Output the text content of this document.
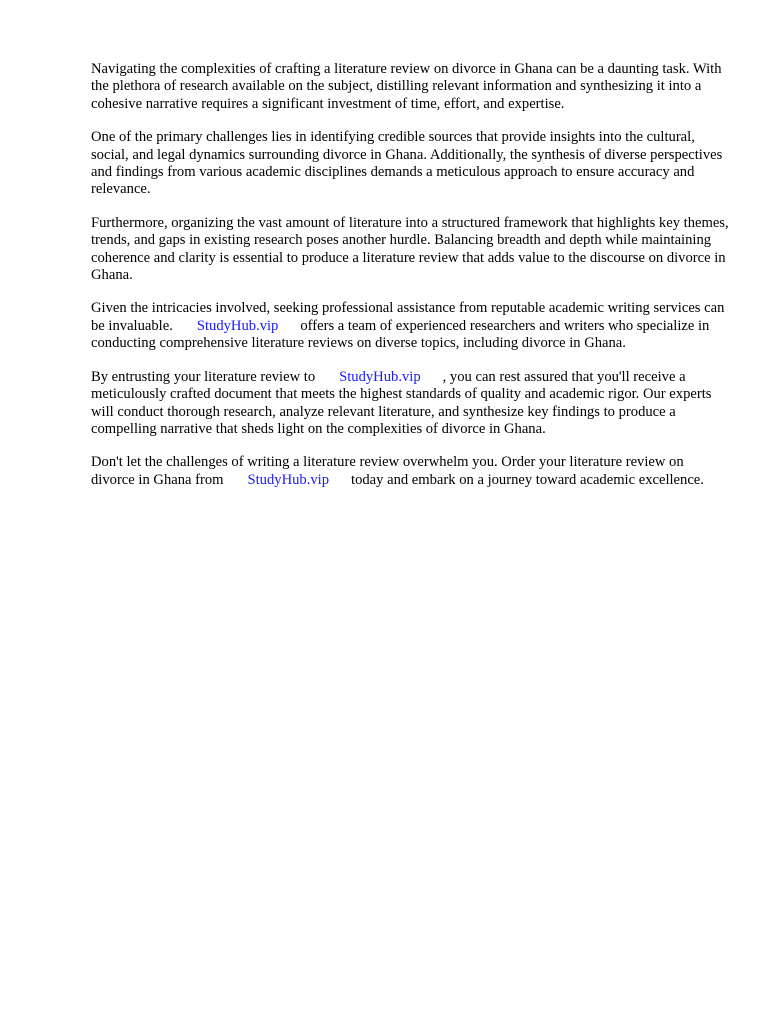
Navigating the complexities of crafting a literature review on divorce in Ghana can be a daunting task. With the plethora of research available on the subject, distilling relevant information and synthesizing it into a cohesive narrative requires a significant investment of time, effort, and expertise.

One of the primary challenges lies in identifying credible sources that provide insights into the cultural, social, and legal dynamics surrounding divorce in Ghana. Additionally, the synthesis of diverse perspectives and findings from various academic disciplines demands a meticulous approach to ensure accuracy and relevance.

Furthermore, organizing the vast amount of literature into a structured framework that highlights key themes, trends, and gaps in existing research poses another hurdle. Balancing breadth and depth while maintaining coherence and clarity is essential to produce a literature review that adds value to the discourse on divorce in Ghana.

Given the intricacies involved, seeking professional assistance from reputable academic writing services can be invaluable. StudyHub.vip offers a team of experienced researchers and writers who specialize in conducting comprehensive literature reviews on diverse topics, including divorce in Ghana.

By entrusting your literature review to StudyHub.vip , you can rest assured that you'll receive a meticulously crafted document that meets the highest standards of quality and academic rigor. Our experts will conduct thorough research, analyze relevant literature, and synthesize key findings to produce a compelling narrative that sheds light on the complexities of divorce in Ghana.

Don't let the challenges of writing a literature review overwhelm you. Order your literature review on divorce in Ghana from StudyHub.vip today and embark on a journey toward academic excellence.
